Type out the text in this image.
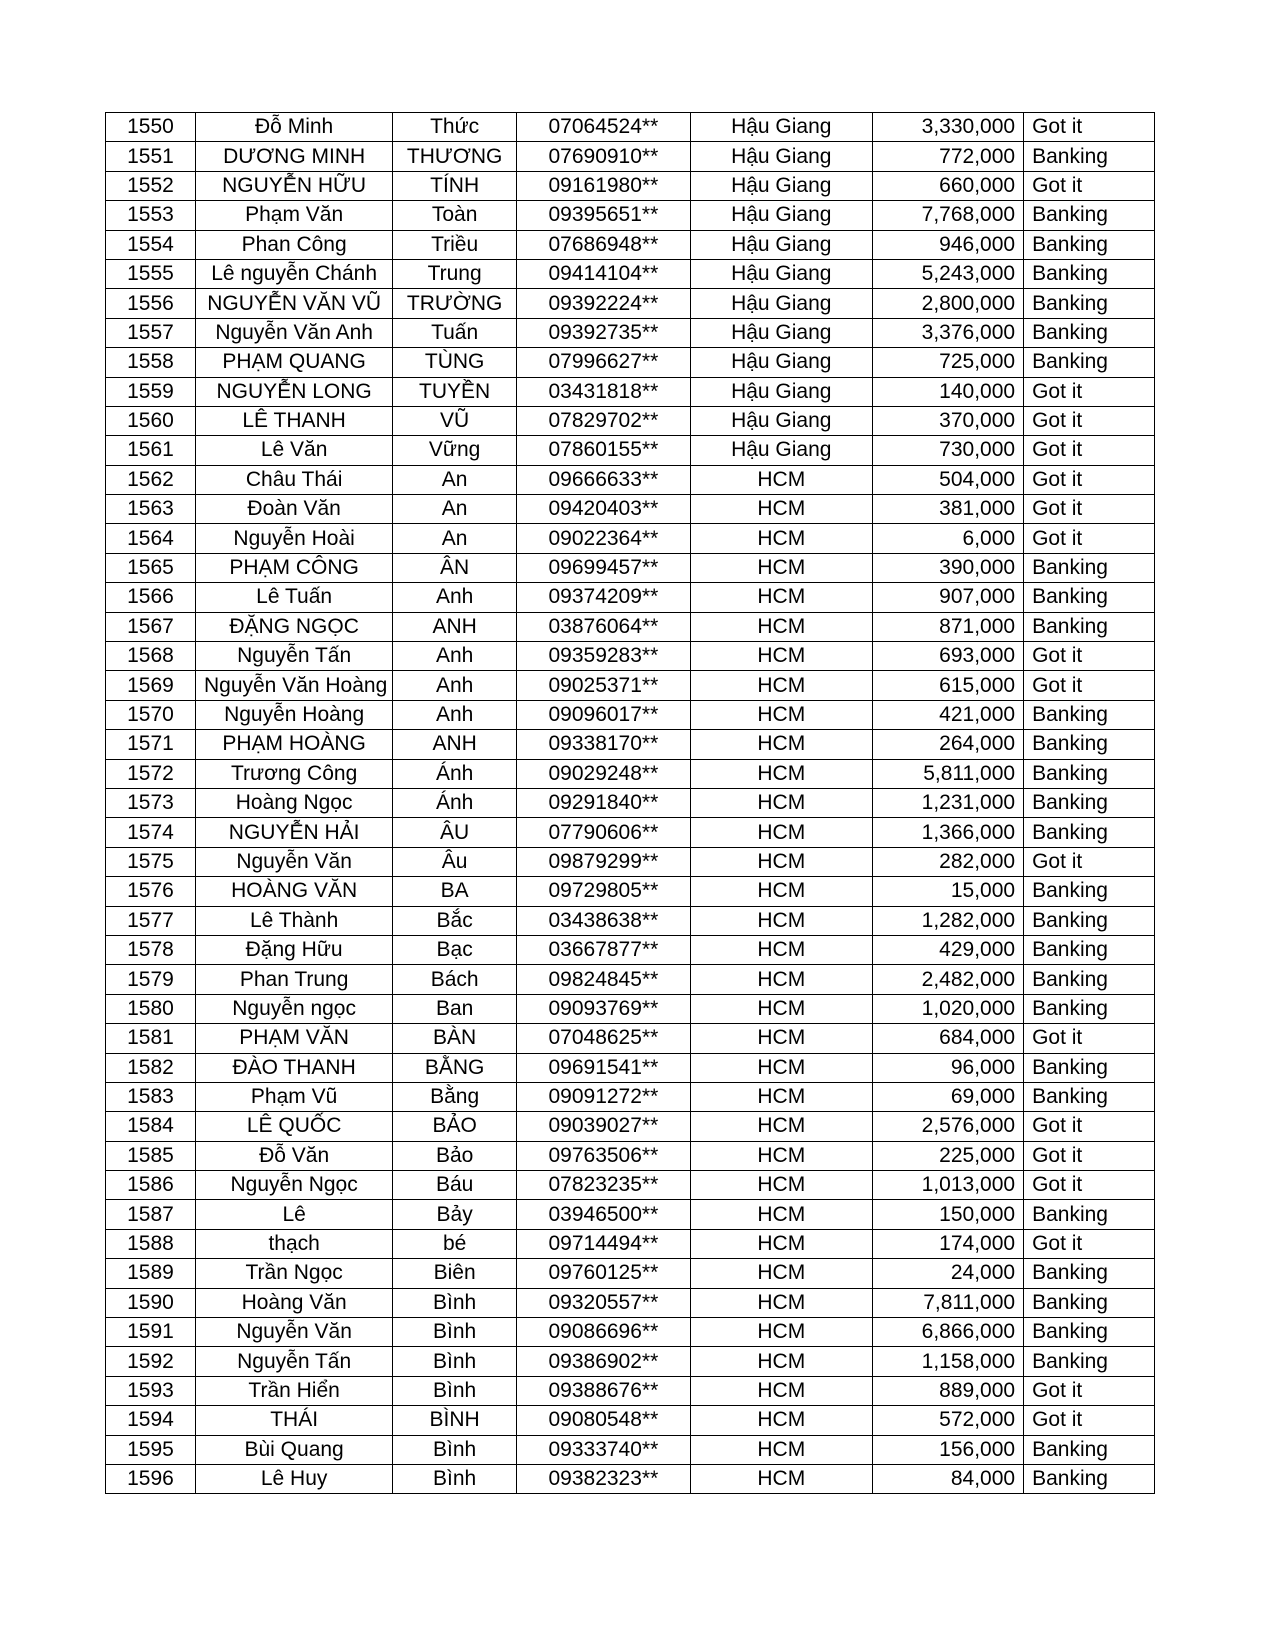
1550	Đỗ Minh	Thức	07064524**	Hậu Giang	3,330,000	Got it
1551	DƯƠNG MINH	THƯƠNG	07690910**	Hậu Giang	772,000	Banking
1552	NGUYỄN HỮU	TÍNH	09161980**	Hậu Giang	660,000	Got it
1553	Phạm Văn	Toàn	09395651**	Hậu Giang	7,768,000	Banking
1554	Phan Công	Triều	07686948**	Hậu Giang	946,000	Banking
1555	Lê nguyễn Chánh	Trung	09414104**	Hậu Giang	5,243,000	Banking
1556	NGUYỄN VĂN VŨ	TRƯỜNG	09392224**	Hậu Giang	2,800,000	Banking
1557	Nguyễn Văn Anh	Tuấn	09392735**	Hậu Giang	3,376,000	Banking
1558	PHẠM QUANG	TÙNG	07996627**	Hậu Giang	725,000	Banking
1559	NGUYỄN LONG	TUYỀN	03431818**	Hậu Giang	140,000	Got it
1560	LÊ THANH	VŨ	07829702**	Hậu Giang	370,000	Got it
1561	Lê Văn	Vững	07860155**	Hậu Giang	730,000	Got it
1562	Châu Thái	An	09666633**	HCM	504,000	Got it
1563	Đoàn Văn	An	09420403**	HCM	381,000	Got it
1564	Nguyễn Hoài	An	09022364**	HCM	6,000	Got it
1565	PHẠM CÔNG	ÂN	09699457**	HCM	390,000	Banking
1566	Lê Tuấn	Anh	09374209**	HCM	907,000	Banking
1567	ĐẶNG NGỌC	ANH	03876064**	HCM	871,000	Banking
1568	Nguyễn Tấn	Anh	09359283**	HCM	693,000	Got it
1569	Nguyễn Văn Hoàng	Anh	09025371**	HCM	615,000	Got it
1570	Nguyễn Hoàng	Anh	09096017**	HCM	421,000	Banking
1571	PHẠM HOÀNG	ANH	09338170**	HCM	264,000	Banking
1572	Trương Công	Ánh	09029248**	HCM	5,811,000	Banking
1573	Hoàng Ngọc	Ánh	09291840**	HCM	1,231,000	Banking
1574	NGUYỄN HẢI	ÂU	07790606**	HCM	1,366,000	Banking
1575	Nguyễn Văn	Âu	09879299**	HCM	282,000	Got it
1576	HOÀNG VĂN	BA	09729805**	HCM	15,000	Banking
1577	Lê Thành	Bắc	03438638**	HCM	1,282,000	Banking
1578	Đặng Hữu	Bạc	03667877**	HCM	429,000	Banking
1579	Phan Trung	Bách	09824845**	HCM	2,482,000	Banking
1580	Nguyễn ngọc	Ban	09093769**	HCM	1,020,000	Banking
1581	PHẠM VĂN	BÀN	07048625**	HCM	684,000	Got it
1582	ĐÀO THANH	BẰNG	09691541**	HCM	96,000	Banking
1583	Phạm Vũ	Bằng	09091272**	HCM	69,000	Banking
1584	LÊ QUỐC	BẢO	09039027**	HCM	2,576,000	Got it
1585	Đỗ Văn	Bảo	09763506**	HCM	225,000	Got it
1586	Nguyễn Ngọc	Báu	07823235**	HCM	1,013,000	Got it
1587	Lê	Bảy	03946500**	HCM	150,000	Banking
1588	thạch	bé	09714494**	HCM	174,000	Got it
1589	Trần Ngọc	Biên	09760125**	HCM	24,000	Banking
1590	Hoàng Văn	Bình	09320557**	HCM	7,811,000	Banking
1591	Nguyễn Văn	Bình	09086696**	HCM	6,866,000	Banking
1592	Nguyễn Tấn	Bình	09386902**	HCM	1,158,000	Banking
1593	Trần Hiển	Bình	09388676**	HCM	889,000	Got it
1594	THÁI	BÌNH	09080548**	HCM	572,000	Got it
1595	Bùi Quang	Bình	09333740**	HCM	156,000	Banking
1596	Lê Huy	Bình	09382323**	HCM	84,000	Banking
